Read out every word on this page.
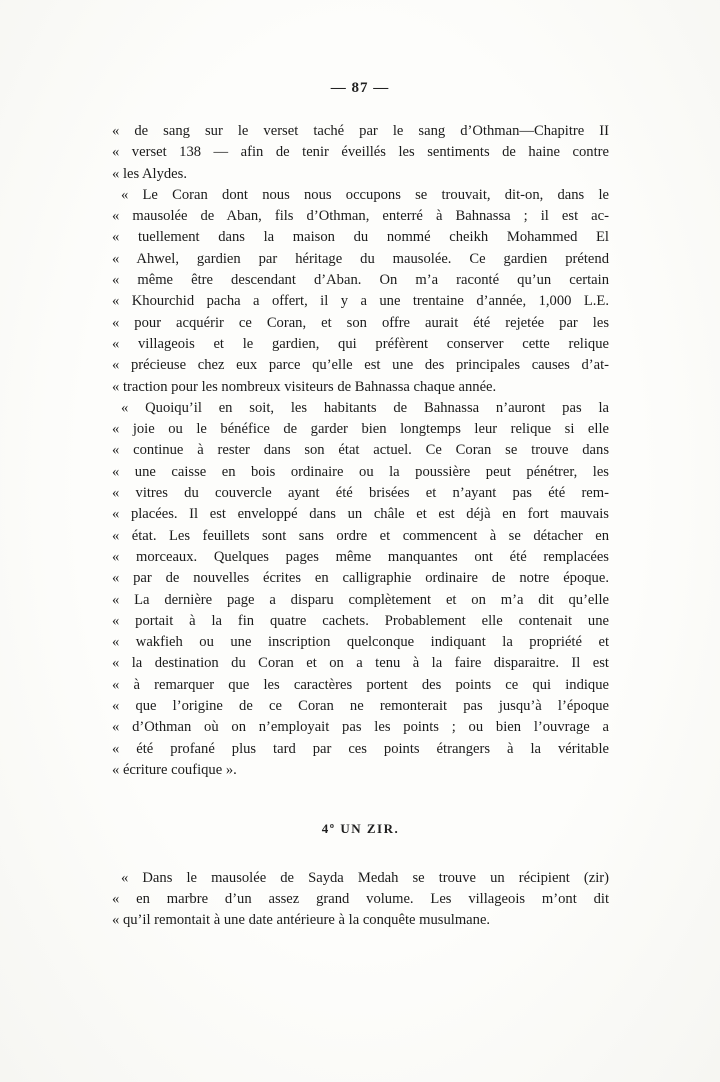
— 87 —
« de sang sur le verset taché par le sang d’Othman—Chapitre II
« verset 138 — afin de tenir éveillés les sentiments de haine contre
« les Alydes.
« Le Coran dont nous nous occupons se trouvait, dit-on, dans le
« mausolée de Aban, fils d’Othman, enterré à Bahnassa ; il est ac-
« tuellement dans la maison du nommé cheikh Mohammed El
« Ahwel, gardien par héritage du mausolée. Ce gardien prétend
« même être descendant d’Aban. On m’a raconté qu’un certain
« Khourchid pacha a offert, il y a une trentaine d’année, 1,000 L.E.
« pour acquérir ce Coran, et son offre aurait été rejetée par les
« villageois et le gardien, qui préfèrent conserver cette relique
« précieuse chez eux parce qu’elle est une des principales causes d’at-
« traction pour les nombreux visiteurs de Bahnassa chaque année.
« Quoiqu’il en soit, les habitants de Bahnassa n’auront pas la
« joie ou le bénéfice de garder bien longtemps leur relique si elle
« continue à rester dans son état actuel. Ce Coran se trouve dans
« une caisse en bois ordinaire ou la poussière peut pénétrer, les
« vitres du couvercle ayant été brisées et n’ayant pas été rem-
« placées. Il est enveloppé dans un châle et est déjà en fort mauvais
« état. Les feuillets sont sans ordre et commencent à se détacher en
« morceaux. Quelques pages même manquantes ont été remplacées
« par de nouvelles écrites en calligraphie ordinaire de notre époque.
« La dernière page a disparu complètement et on m’a dit qu’elle
« portait à la fin quatre cachets. Probablement elle contenait une
« wakfieh ou une inscription quelconque indiquant la propriété et
« la destination du Coran et on a tenu à la faire disparaitre. Il est
« à remarquer que les caractères portent des points ce qui indique
« que l’origine de ce Coran ne remonterait pas jusqu’à l’époque
« d’Othman où on n’employait pas les points ; ou bien l’ouvrage a
« été profané plus tard par ces points étrangers à la véritable
« écriture coufique ».
4º UN ZIR.
« Dans le mausolée de Sayda Medah se trouve un récipient (zir)
« en marbre d’un assez grand volume. Les villageois m’ont dit
« qu’il remontait à une date antérieure à la conquête musulmane.
